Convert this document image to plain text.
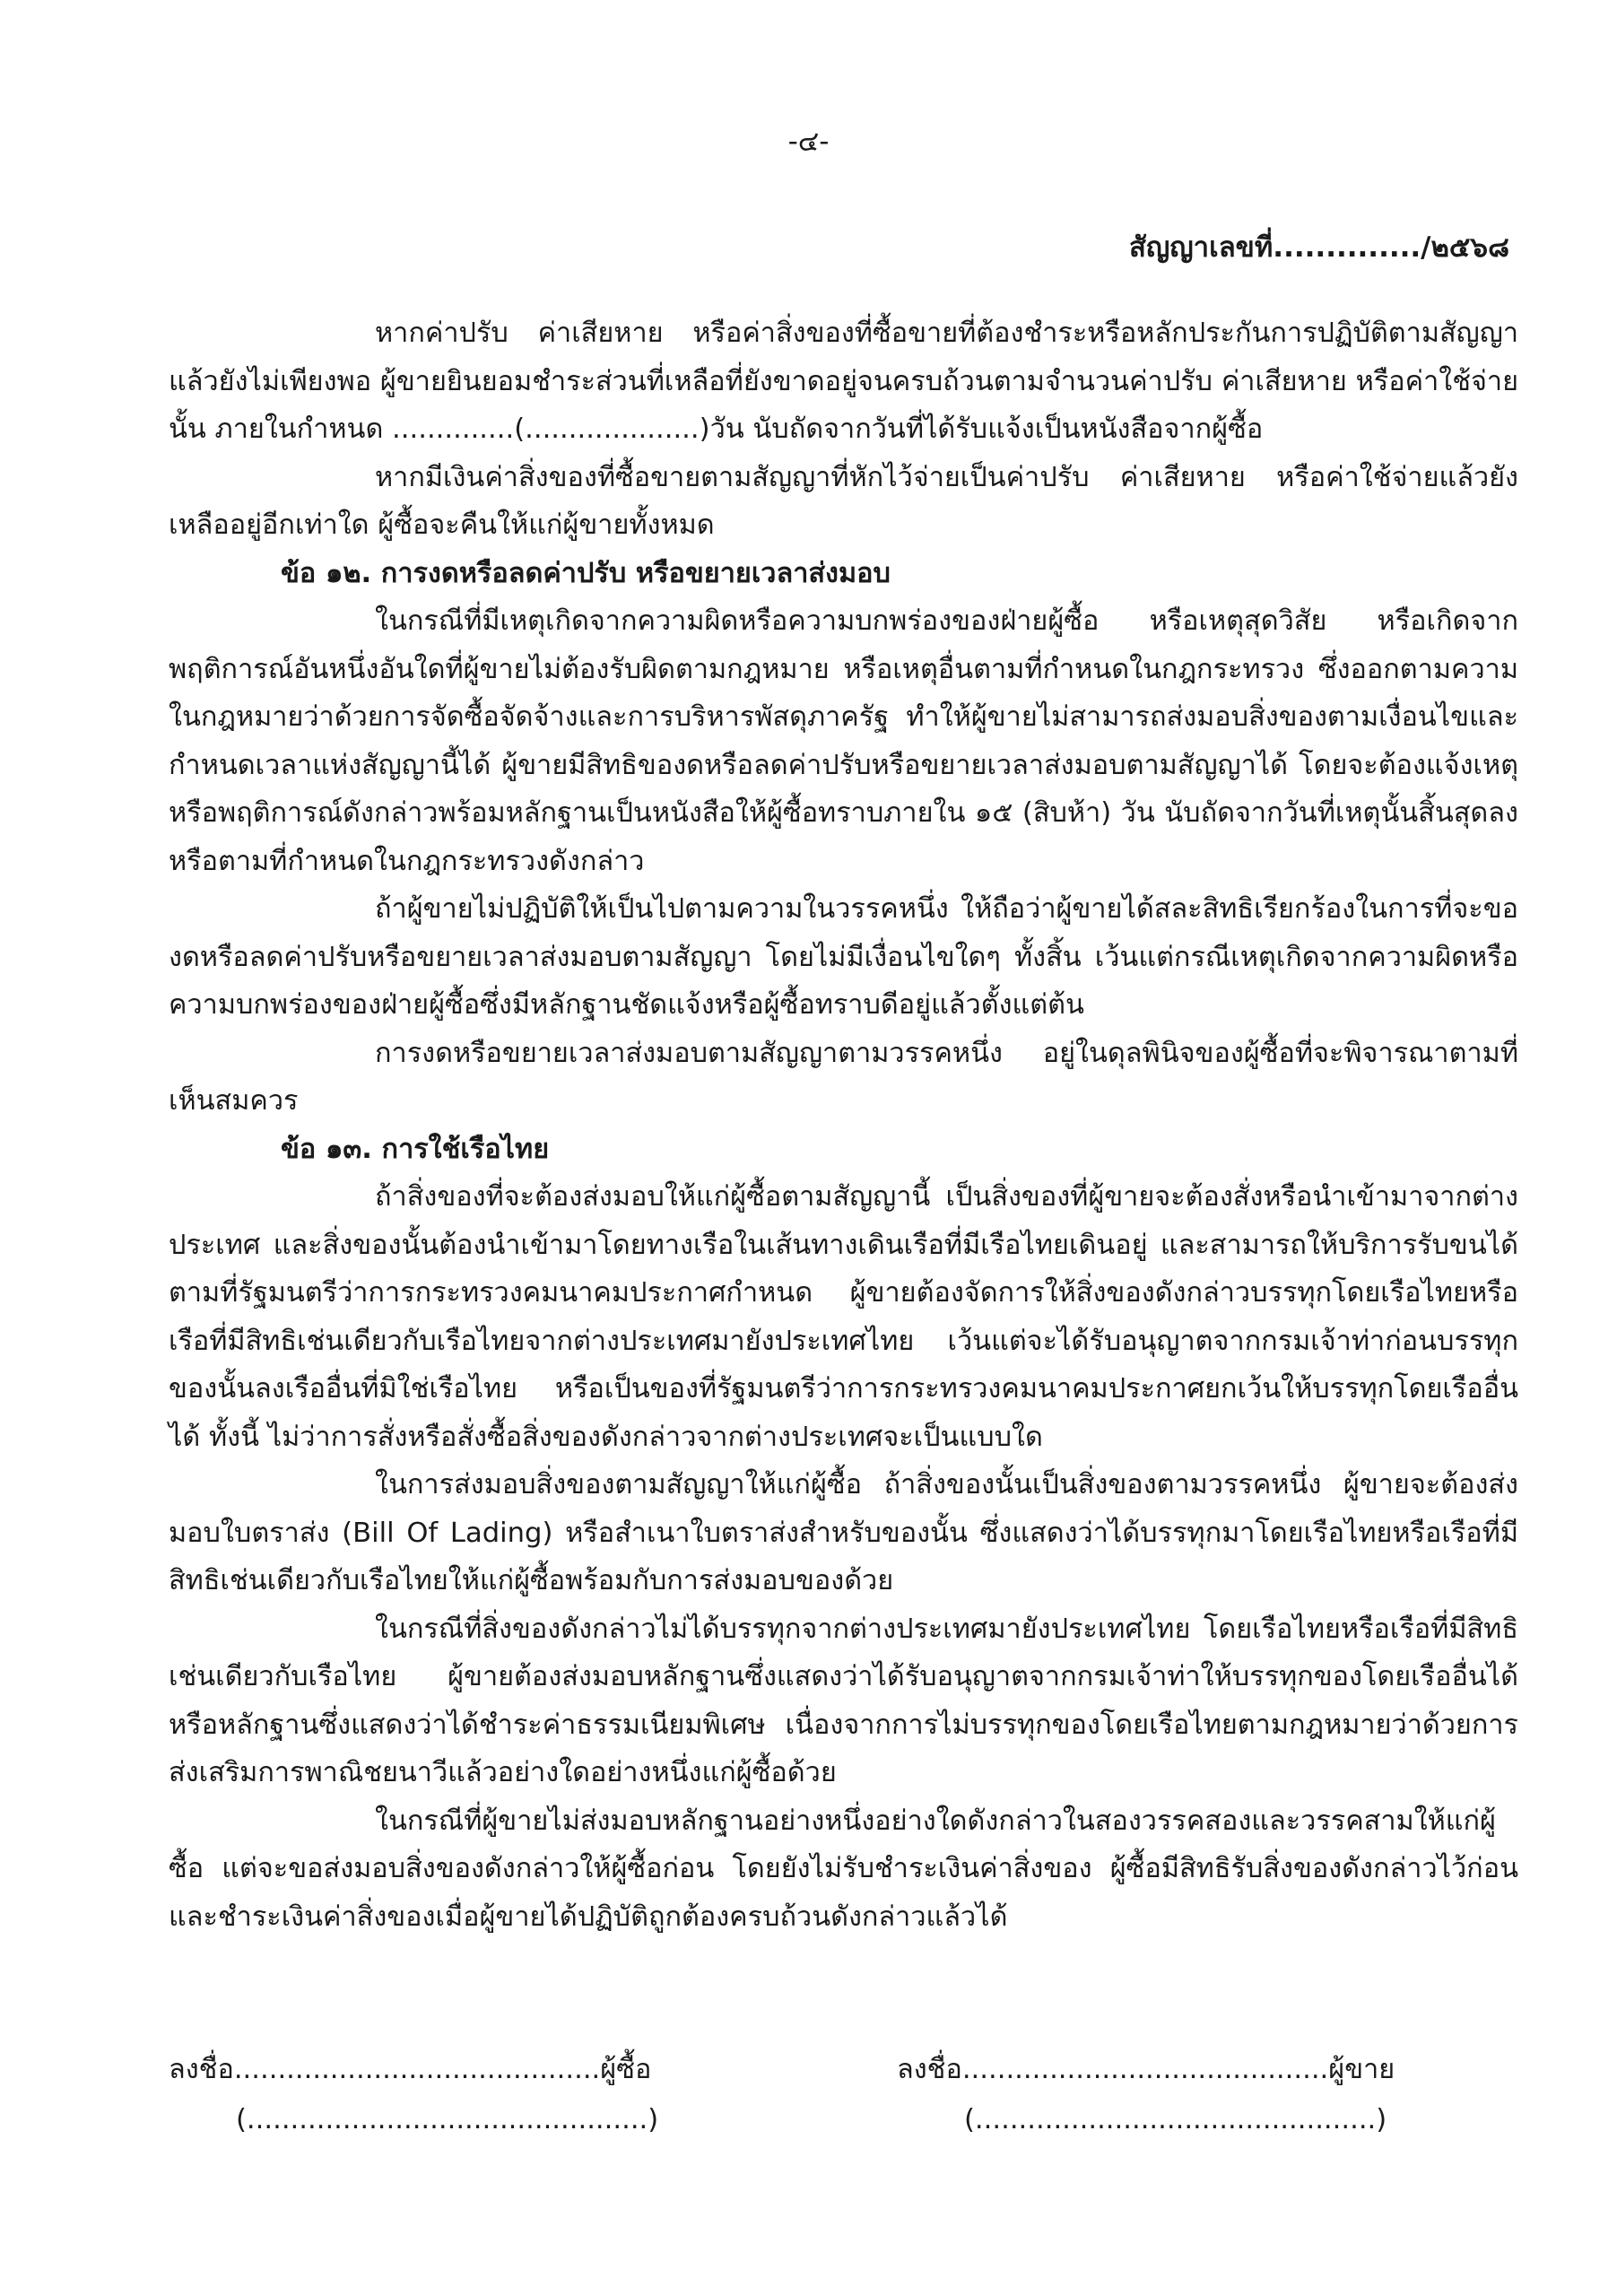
-๔-
สัญญาเลขที่............../๒๕๖๘

หากค่าปรับ ค่าเสียหาย หรือค่าสิ่งของที่ซื้อขายที่ต้องชำระหรือหลักประกันการปฏิบัติตามสัญญาแล้วยังไม่เพียงพอ ผู้ขายยินยอมชำระส่วนที่เหลือที่ยังขาดอยู่จนครบถ้วนตามจำนวนค่าปรับ ค่าเสียหาย หรือค่าใช้จ่ายนั้น ภายในกำหนด ..............(....................)วัน นับถัดจากวันที่ได้รับแจ้งเป็นหนังสือจากผู้ซื้อ

หากมีเงินค่าสิ่งของที่ซื้อขายตามสัญญาที่หักไว้จ่ายเป็นค่าปรับ ค่าเสียหาย หรือค่าใช้จ่ายแล้วยังเหลืออยู่อีกเท่าใด ผู้ซื้อจะคืนให้แก่ผู้ขายทั้งหมด

ข้อ ๑๒. การงดหรือลดค่าปรับ หรือขยายเวลาส่งมอบ

ในกรณีที่มีเหตุเกิดจากความผิดหรือความบกพร่องของฝ่ายผู้ซื้อ หรือเหตุสุดวิสัย หรือเกิดจากพฤติการณ์อันหนึ่งอันใดที่ผู้ขายไม่ต้องรับผิดตามกฎหมาย หรือเหตุอื่นตามที่กำหนดในกฎกระทรวง ซึ่งออกตามความในกฎหมายว่าด้วยการจัดซื้อจัดจ้างและการบริหารพัสดุภาครัฐ ทำให้ผู้ขายไม่สามารถส่งมอบสิ่งของตามเงื่อนไขและกำหนดเวลาแห่งสัญญานี้ได้ ผู้ขายมีสิทธิของดหรือลดค่าปรับหรือขยายเวลาส่งมอบตามสัญญาได้ โดยจะต้องแจ้งเหตุหรือพฤติการณ์ดังกล่าวพร้อมหลักฐานเป็นหนังสือให้ผู้ซื้อทราบภายใน ๑๕ (สิบห้า) วัน นับถัดจากวันที่เหตุนั้นสิ้นสุดลง หรือตามที่กำหนดในกฎกระทรวงดังกล่าว

ถ้าผู้ขายไม่ปฏิบัติให้เป็นไปตามความในวรรคหนึ่ง ให้ถือว่าผู้ขายได้สละสิทธิเรียกร้องในการที่จะของดหรือลดค่าปรับหรือขยายเวลาส่งมอบตามสัญญา โดยไม่มีเงื่อนไขใดๆ ทั้งสิ้น เว้นแต่กรณีเหตุเกิดจากความผิดหรือความบกพร่องของฝ่ายผู้ซื้อซึ่งมีหลักฐานชัดแจ้งหรือผู้ซื้อทราบดีอยู่แล้วตั้งแต่ต้น

การงดหรือขยายเวลาส่งมอบตามสัญญาตามวรรคหนึ่ง อยู่ในดุลพินิจของผู้ซื้อที่จะพิจารณาตามที่เห็นสมควร

ข้อ ๑๓. การใช้เรือไทย

ถ้าสิ่งของที่จะต้องส่งมอบให้แก่ผู้ซื้อตามสัญญานี้ เป็นสิ่งของที่ผู้ขายจะต้องสั่งหรือนำเข้ามาจากต่างประเทศ และสิ่งของนั้นต้องนำเข้ามาโดยทางเรือในเส้นทางเดินเรือที่มีเรือไทยเดินอยู่ และสามารถให้บริการรับขนได้ตามที่รัฐมนตรีว่าการกระทรวงคมนาคมประกาศกำหนด ผู้ขายต้องจัดการให้สิ่งของดังกล่าวบรรทุกโดยเรือไทยหรือเรือที่มีสิทธิเช่นเดียวกับเรือไทยจากต่างประเทศมายังประเทศไทย เว้นแต่จะได้รับอนุญาตจากกรมเจ้าท่าก่อนบรรทุกของนั้นลงเรืออื่นที่มิใช่เรือไทย หรือเป็นของที่รัฐมนตรีว่าการกระทรวงคมนาคมประกาศยกเว้นให้บรรทุกโดยเรืออื่นได้ ทั้งนี้ ไม่ว่าการสั่งหรือสั่งซื้อสิ่งของดังกล่าวจากต่างประเทศจะเป็นแบบใด

ในการส่งมอบสิ่งของตามสัญญาให้แก่ผู้ซื้อ ถ้าสิ่งของนั้นเป็นสิ่งของตามวรรคหนึ่ง ผู้ขายจะต้องส่งมอบใบตราส่ง (Bill Of Lading) หรือสำเนาใบตราส่งสำหรับของนั้น ซึ่งแสดงว่าได้บรรทุกมาโดยเรือไทยหรือเรือที่มีสิทธิเช่นเดียวกับเรือไทยให้แก่ผู้ซื้อพร้อมกับการส่งมอบของด้วย

ในกรณีที่สิ่งของดังกล่าวไม่ได้บรรทุกจากต่างประเทศมายังประเทศไทย โดยเรือไทยหรือเรือที่มีสิทธิเช่นเดียวกับเรือไทย ผู้ขายต้องส่งมอบหลักฐานซึ่งแสดงว่าได้รับอนุญาตจากกรมเจ้าท่าให้บรรทุกของโดยเรืออื่นได้หรือหลักฐานซึ่งแสดงว่าได้ชำระค่าธรรมเนียมพิเศษ เนื่องจากการไม่บรรทุกของโดยเรือไทยตามกฎหมายว่าด้วยการส่งเสริมการพาณิชยนาวีแล้วอย่างใดอย่างหนึ่งแก่ผู้ซื้อด้วย

ในกรณีที่ผู้ขายไม่ส่งมอบหลักฐานอย่างหนึ่งอย่างใดดังกล่าวในสองวรรคสองและวรรคสามให้แก่ผู้ซื้อ แต่จะขอส่งมอบสิ่งของดังกล่าวให้ผู้ซื้อก่อน โดยยังไม่รับชำระเงินค่าสิ่งของ ผู้ซื้อมีสิทธิรับสิ่งของดังกล่าวไว้ก่อนและชำระเงินค่าสิ่งของเมื่อผู้ขายได้ปฏิบัติถูกต้องครบถ้วนดังกล่าวแล้วได้

ลงชื่อ..........................................ผู้ซื้อ
(..............................................)
ลงชื่อ..........................................ผู้ขาย
(..............................................)
